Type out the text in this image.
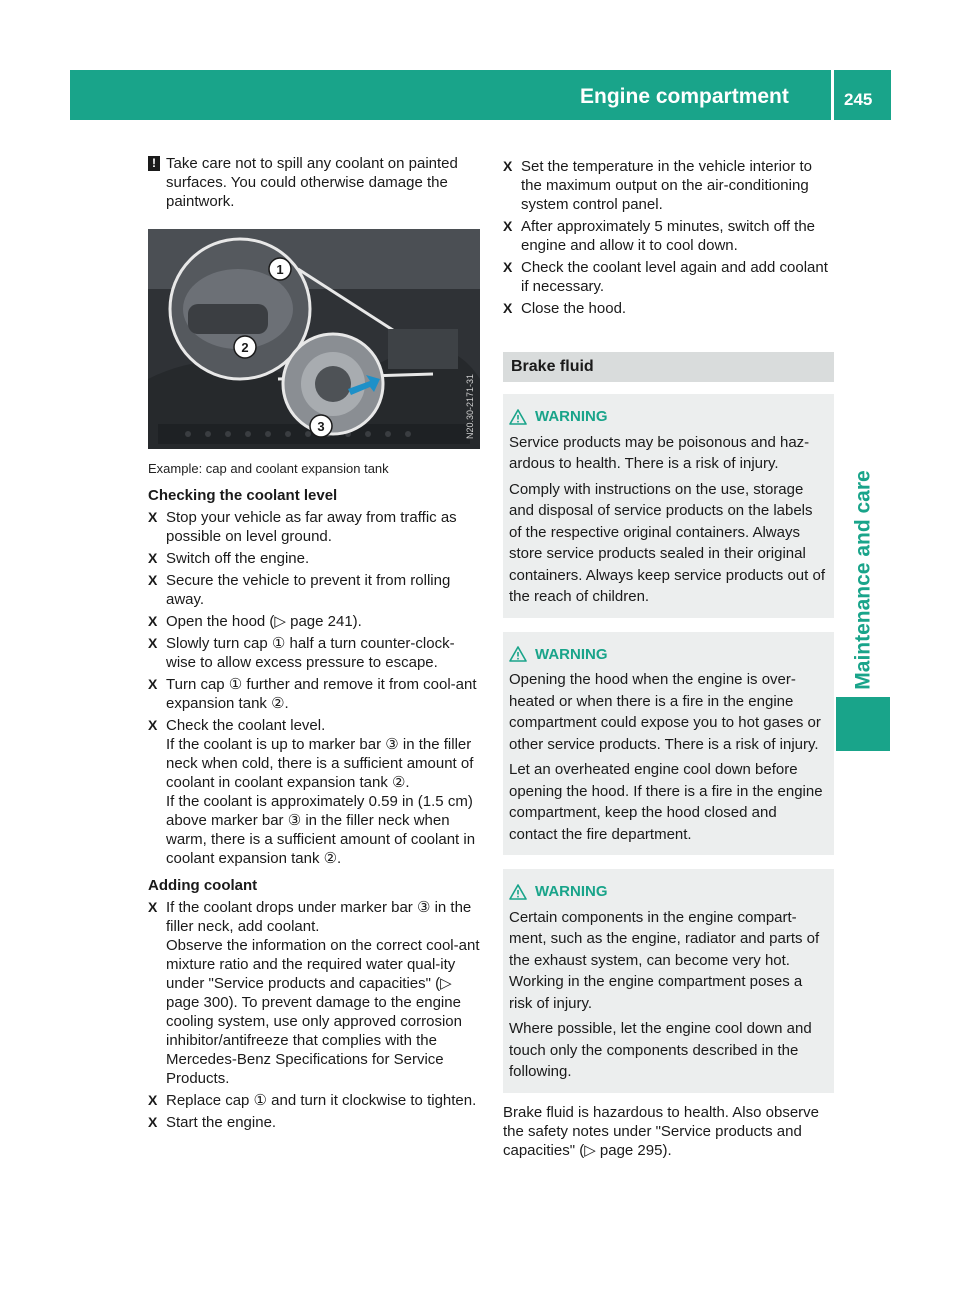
Engine compartment	245
Maintenance and care
! Take care not to spill any coolant on painted surfaces. You could otherwise damage the paintwork.
1
2
3	N20.30-2171-31
Example: cap and coolant expansion tank
Checking the coolant level
X Stop your vehicle as far away from traffic as possible on level ground.
X Switch off the engine.
X Secure the vehicle to prevent it from rolling away.
X Open the hood (▷ page 241).
X Slowly turn cap ① half a turn counter-clock-wise to allow excess pressure to escape.
X Turn cap ① further and remove it from cool-ant expansion tank ②.
X Check the coolant level.

If the coolant is up to marker bar ③ in the filler neck when cold, there is a sufficient amount of coolant in coolant expansion tank ②.

If the coolant is approximately 0.59 in (1.5 cm) above marker bar ③ in the filler neck when warm, there is a sufficient amount of coolant in coolant expansion tank ②.

Adding coolant
X If the coolant drops under marker bar ③ in the filler neck, add coolant.

Observe the information on the correct cool-ant mixture ratio and the required water qual-ity under "Service products and capacities" (▷ page 300). To prevent damage to the engine cooling system, use only approved corrosion inhibitor/antifreeze that complies with the Mercedes-Benz Specifications for Service Products.

X Replace cap ① and turn it clockwise to tighten.
X Start the engine.
X Set the temperature in the vehicle interior to the maximum output on the air-conditioning system control panel.
X After approximately 5 minutes, switch off the engine and allow it to cool down.
X Check the coolant level again and add coolant if necessary.
X Close the hood.
Brake fluid
WARNING

Service products may be poisonous and haz-ardous to health. There is a risk of injury.

Comply with instructions on the use, storage and disposal of service products on the labels of the respective original containers. Always store service products sealed in their original containers. Always keep service products out of the reach of children.

WARNING

Opening the hood when the engine is over-heated or when there is a fire in the engine compartment could expose you to hot gases or other service products. There is a risk of injury.

Let an overheated engine cool down before opening the hood. If there is a fire in the engine compartment, keep the hood closed and contact the fire department.

WARNING

Certain components in the engine compart-ment, such as the engine, radiator and parts of the exhaust system, can become very hot. Working in the engine compartment poses a risk of injury.

Where possible, let the engine cool down and touch only the components described in the following.

Brake fluid is hazardous to health. Also observe the safety notes under "Service products and capacities" (▷ page 295).
